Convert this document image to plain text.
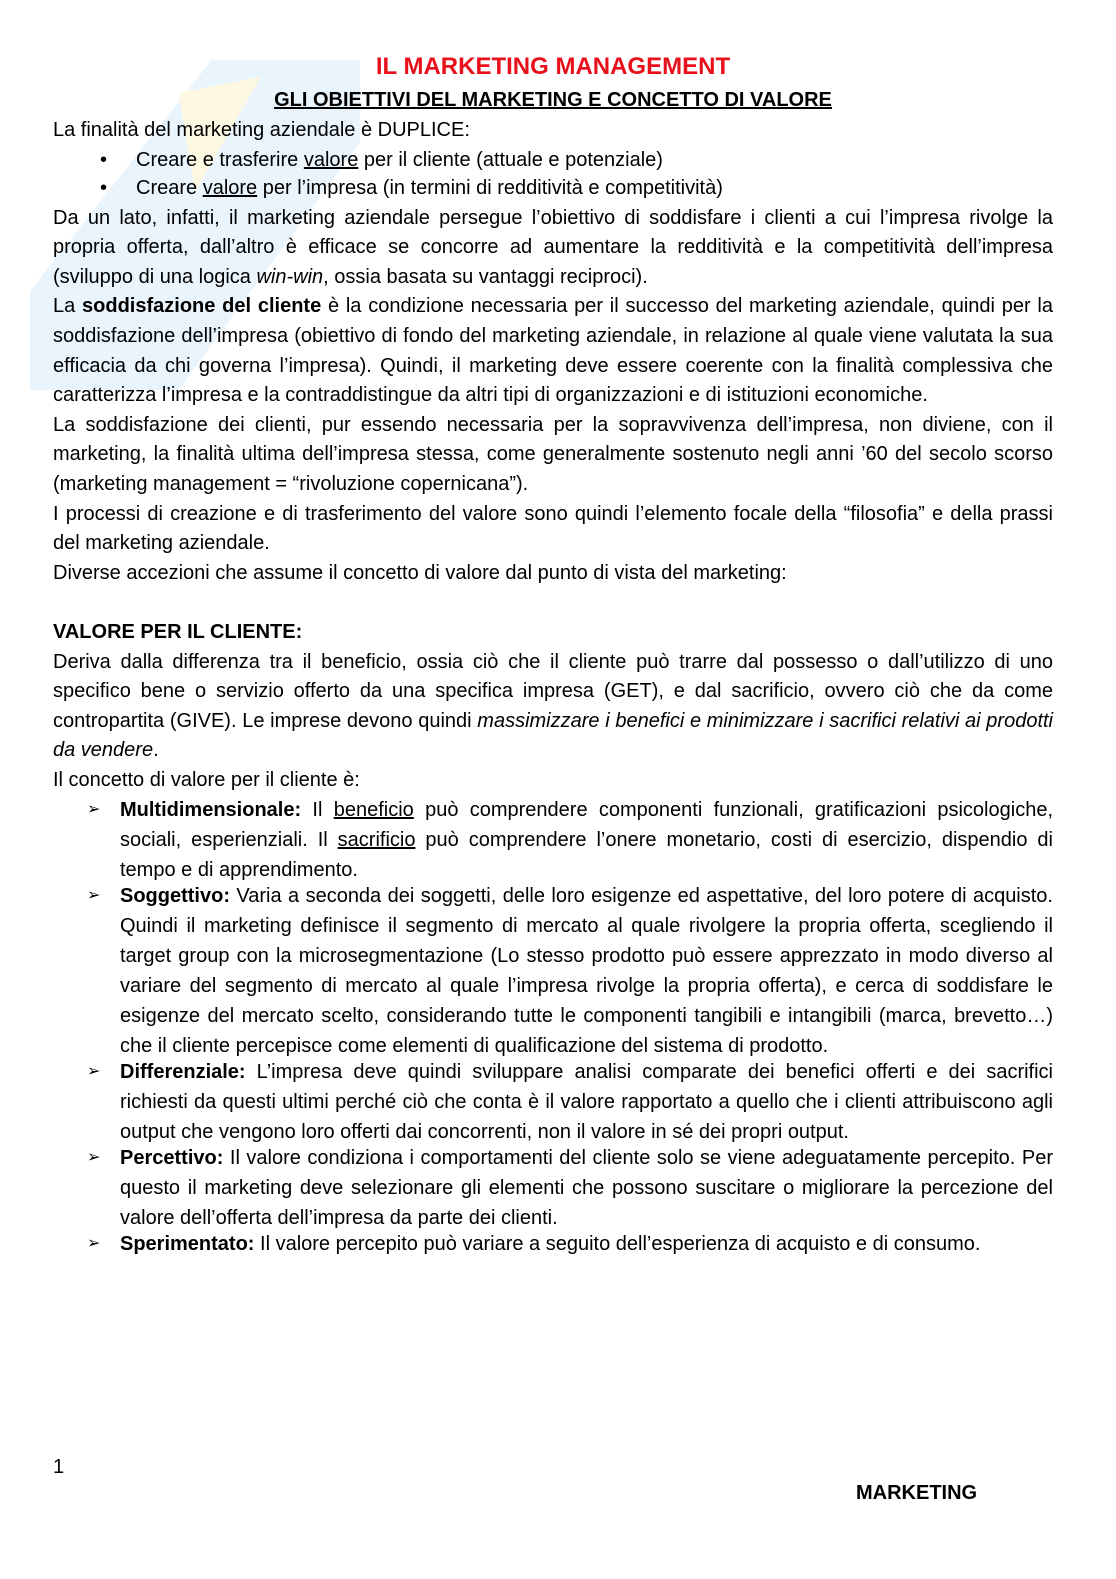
IL MARKETING MANAGEMENT
GLI OBIETTIVI DEL MARKETING E CONCETTO DI VALORE

La finalità del marketing aziendale è DUPLICE:

• Creare e trasferire valore per il cliente (attuale e potenziale)
• Creare valore per l’impresa (in termini di redditività e competitività)

Da un lato, infatti, il marketing aziendale persegue l’obiettivo di soddisfare i clienti a cui l’impresa rivolge la propria offerta, dall’altro è efficace se concorre ad aumentare la redditività e la competitività dell’impresa (sviluppo di una logica win-win, ossia basata su vantaggi reciproci).

La soddisfazione del cliente è la condizione necessaria per il successo del marketing aziendale, quindi per la soddisfazione dell’impresa (obiettivo di fondo del marketing aziendale, in relazione al quale viene valutata la sua efficacia da chi governa l’impresa). Quindi, il marketing deve essere coerente con la finalità complessiva che caratterizza l’impresa e la contraddistingue da altri tipi di organizzazioni e di istituzioni economiche.

La soddisfazione dei clienti, pur essendo necessaria per la sopravvivenza dell’impresa, non diviene, con il marketing, la finalità ultima dell’impresa stessa, come generalmente sostenuto negli anni ’60 del secolo scorso (marketing management = “rivoluzione copernicana”).

I processi di creazione e di trasferimento del valore sono quindi l’elemento focale della “filosofia” e della prassi del marketing aziendale.

Diverse accezioni che assume il concetto di valore dal punto di vista del marketing:

VALORE PER IL CLIENTE:

Deriva dalla differenza tra il beneficio, ossia ciò che il cliente può trarre dal possesso o dall’utilizzo di uno specifico bene o servizio offerto da una specifica impresa (GET), e dal sacrificio, ovvero ciò che da come contropartita (GIVE). Le imprese devono quindi massimizzare i benefici e minimizzare i sacrifici relativi ai prodotti da vendere.

Il concetto di valore per il cliente è:

➢ Multidimensionale: Il beneficio può comprendere componenti funzionali, gratificazioni psicologiche, sociali, esperienziali. Il sacrificio può comprendere l’onere monetario, costi di esercizio, dispendio di tempo e di apprendimento.
➢ Soggettivo: Varia a seconda dei soggetti, delle loro esigenze ed aspettative, del loro potere di acquisto. Quindi il marketing definisce il segmento di mercato al quale rivolgere la propria offerta, scegliendo il target group con la microsegmentazione (Lo stesso prodotto può essere apprezzato in modo diverso al variare del segmento di mercato al quale l’impresa rivolge la propria offerta), e cerca di soddisfare le esigenze del mercato scelto, considerando tutte le componenti tangibili e intangibili (marca, brevetto…) che il cliente percepisce come elementi di qualificazione del sistema di prodotto.
➢ Differenziale: L’impresa deve quindi sviluppare analisi comparate dei benefici offerti e dei sacrifici richiesti da questi ultimi perché ciò che conta è il valore rapportato a quello che i clienti attribuiscono agli output che vengono loro offerti dai concorrenti, non il valore in sé dei propri output.
➢ Percettivo: Il valore condiziona i comportamenti del cliente solo se viene adeguatamente percepito. Per questo il marketing deve selezionare gli elementi che possono suscitare o migliorare la percezione del valore dell’offerta dell’impresa da parte dei clienti.
➢ Sperimentato: Il valore percepito può variare a seguito dell’esperienza di acquisto e di consumo.
1
MARKETING
